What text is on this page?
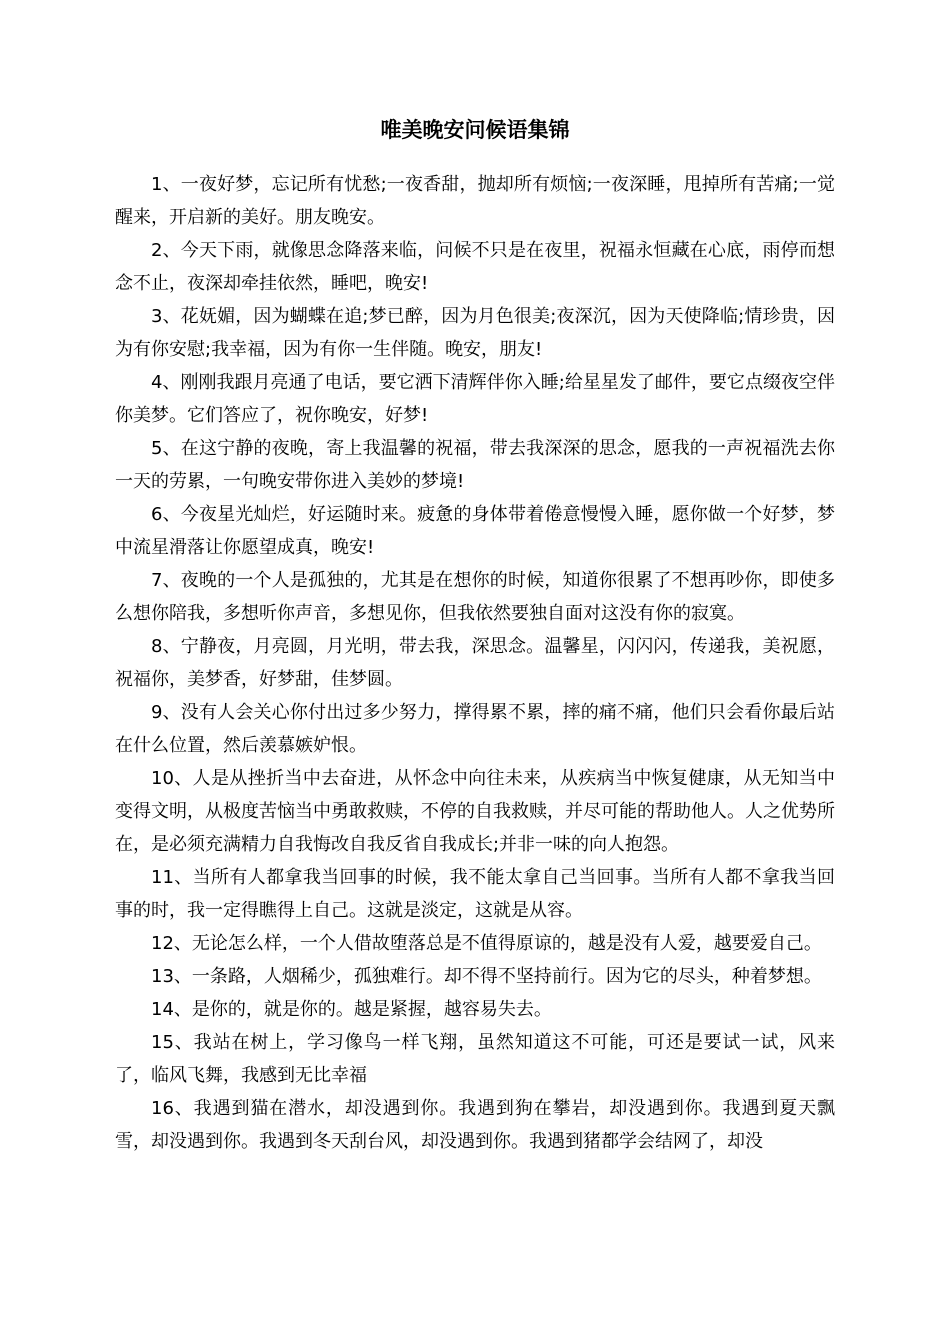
唯美晚安问候语集锦

1、一夜好梦，忘记所有忧愁;一夜香甜，抛却所有烦恼;一夜深睡，甩掉所有苦痛;一觉醒来，开启新的美好。朋友晚安。

2、今天下雨，就像思念降落来临，问候不只是在夜里，祝福永恒藏在心底，雨停而想念不止，夜深却牵挂依然，睡吧，晚安!

3、花妩媚，因为蝴蝶在追;梦已醉，因为月色很美;夜深沉，因为天使降临;情珍贵，因为有你安慰;我幸福，因为有你一生伴随。晚安，朋友!

4、刚刚我跟月亮通了电话，要它洒下清辉伴你入睡;给星星发了邮件，要它点缀夜空伴你美梦。它们答应了，祝你晚安，好梦!

5、在这宁静的夜晚，寄上我温馨的祝福，带去我深深的思念，愿我的一声祝福洗去你一天的劳累，一句晚安带你进入美妙的梦境!

6、今夜星光灿烂，好运随时来。疲惫的身体带着倦意慢慢入睡，愿你做一个好梦，梦中流星滑落让你愿望成真，晚安!

7、夜晚的一个人是孤独的，尤其是在想你的时候，知道你很累了不想再吵你，即使多么想你陪我，多想听你声音，多想见你，但我依然要独自面对这没有你的寂寞。

8、宁静夜，月亮圆，月光明，带去我，深思念。温馨星，闪闪闪，传递我，美祝愿，祝福你，美梦香，好梦甜，佳梦圆。

9、没有人会关心你付出过多少努力，撑得累不累，摔的痛不痛，他们只会看你最后站在什么位置，然后羡慕嫉妒恨。

10、人是从挫折当中去奋进，从怀念中向往未来，从疾病当中恢复健康，从无知当中变得文明，从极度苦恼当中勇敢救赎，不停的自我救赎，并尽可能的帮助他人。人之优势所在，是必须充满精力自我悔改自我反省自我成长;并非一味的向人抱怨。

11、当所有人都拿我当回事的时候，我不能太拿自己当回事。当所有人都不拿我当回事的时，我一定得瞧得上自己。这就是淡定，这就是从容。

12、无论怎么样，一个人借故堕落总是不值得原谅的，越是没有人爱，越要爱自己。

13、一条路，人烟稀少，孤独难行。却不得不坚持前行。因为它的尽头，种着梦想。

14、是你的，就是你的。越是紧握，越容易失去。

15、我站在树上，学习像鸟一样飞翔，虽然知道这不可能，可还是要试一试，风来了，临风飞舞，我感到无比幸福

16、我遇到猫在潜水，却没遇到你。我遇到狗在攀岩，却没遇到你。我遇到夏天飘雪，却没遇到你。我遇到冬天刮台风，却没遇到你。我遇到猪都学会结网了，却没
